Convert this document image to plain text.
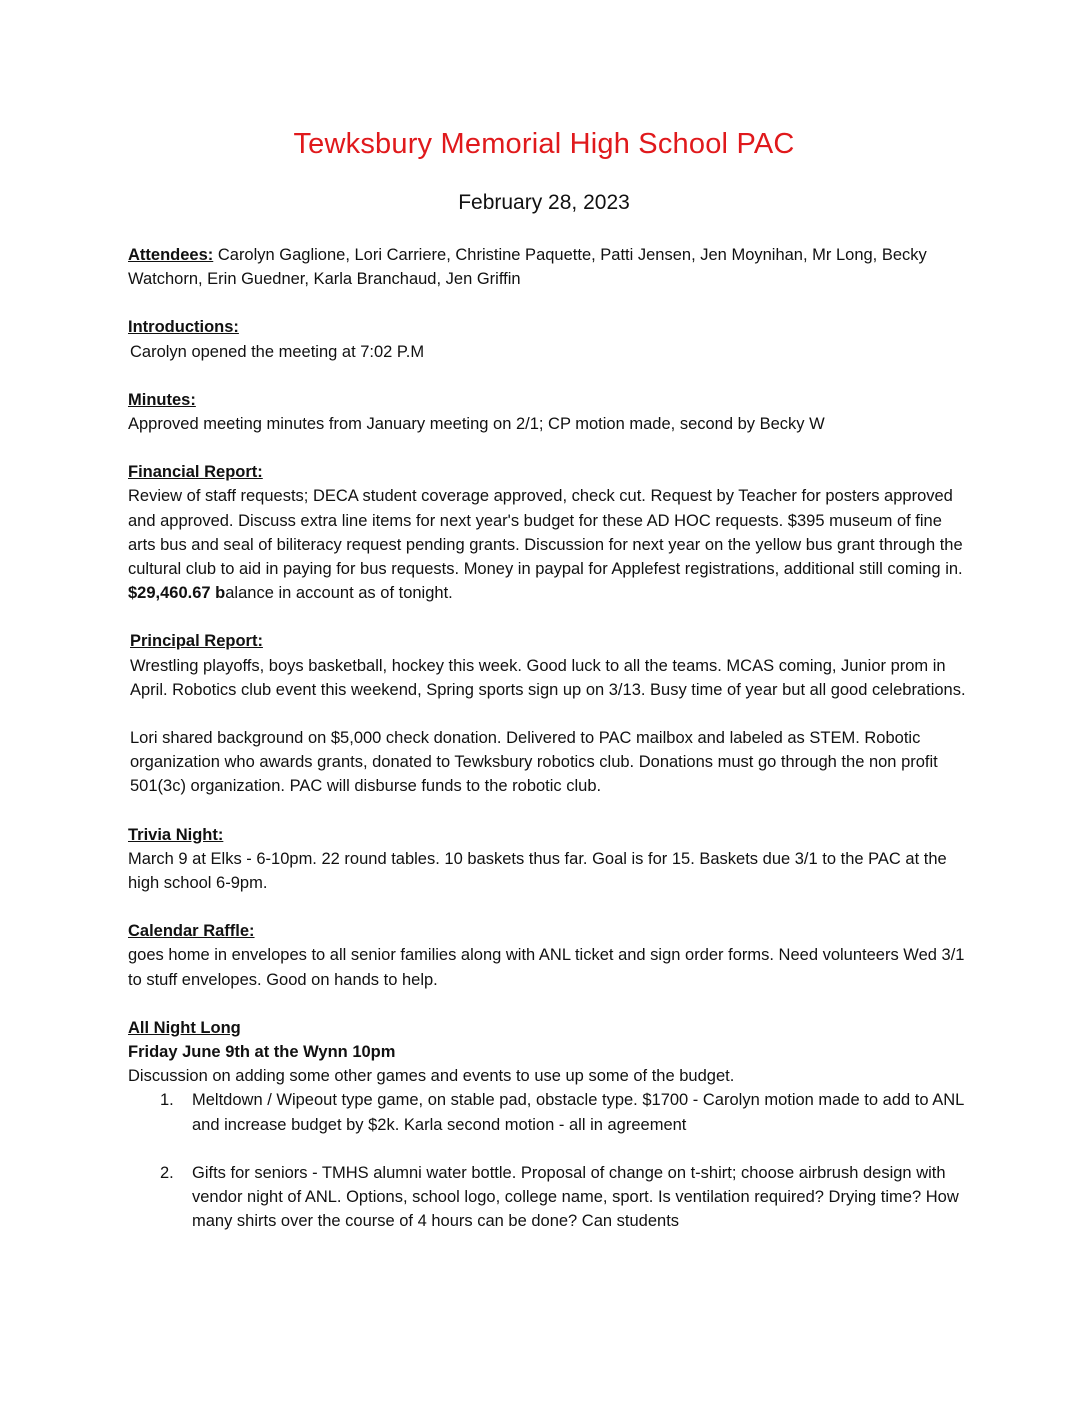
Tewksbury Memorial High School PAC
February 28, 2023

Attendees: Carolyn Gaglione, Lori Carriere, Christine Paquette, Patti Jensen, Jen Moynihan, Mr Long, Becky Watchorn, Erin Guedner, Karla Branchaud, Jen Griffin

Introductions:

Carolyn opened the meeting at 7:02 P.M

Minutes:

Approved meeting minutes from January meeting on 2/1; CP motion made, second by Becky W

Financial Report:

Review of staff requests; DECA student coverage approved, check cut. Request by Teacher for posters approved and approved. Discuss extra line items for next year's budget for these AD HOC requests. $395 museum of fine arts bus and seal of biliteracy request pending grants. Discussion for next year on the yellow bus grant through the cultural club to aid in paying for bus requests. Money in paypal for Applefest registrations, additional still coming in. $29,460.67 balance in account as of tonight.

Principal Report:

Wrestling playoffs, boys basketball, hockey this week. Good luck to all the teams. MCAS coming, Junior prom in April. Robotics club event this weekend, Spring sports sign up on 3/13. Busy time of year but all good celebrations.

Lori shared background on $5,000 check donation. Delivered to PAC mailbox and labeled as STEM. Robotic organization who awards grants, donated to Tewksbury robotics club. Donations must go through the non profit 501(3c) organization. PAC will disburse funds to the robotic club.

Trivia Night:

March 9 at Elks - 6-10pm. 22 round tables. 10 baskets thus far. Goal is for 15. Baskets due 3/1 to the PAC at the high school 6-9pm.

Calendar Raffle:

goes home in envelopes to all senior families along with ANL ticket and sign order forms. Need volunteers Wed 3/1 to stuff envelopes. Good on hands to help.

All Night Long

Friday June 9th at the Wynn 10pm

Discussion on adding some other games and events to use up some of the budget.

1. Meltdown / Wipeout type game, on stable pad, obstacle type. $1700 - Carolyn motion made to add to ANL and increase budget by $2k. Karla second motion - all in agreement
2. Gifts for seniors - TMHS alumni water bottle. Proposal of change on t-shirt; choose airbrush design with vendor night of ANL. Options, school logo, college name, sport. Is ventilation required? Drying time? How many shirts over the course of 4 hours can be done? Can students
